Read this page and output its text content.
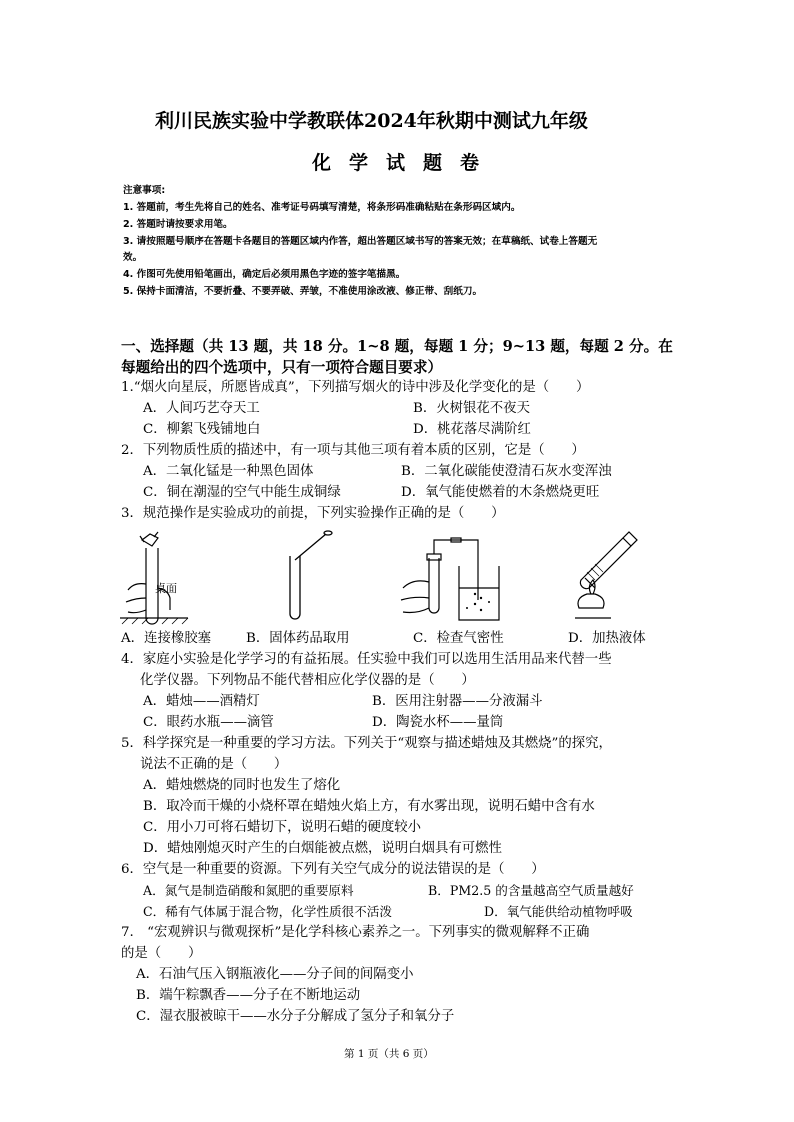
利川民族实验中学教联体2024年秋期中测试九年级
化学试题卷
注意事项:
1. 答题前，考生先将自己的姓名、准考证号码填写清楚，将条形码准确粘贴在条形码区域内。
2. 答题时请按要求用笔。
3. 请按照题号顺序在答题卡各题目的答题区域内作答，超出答题区域书写的答案无效；在草稿纸、试卷上答题无
效。
4. 作图可先使用铅笔画出，确定后必须用黑色字迹的签字笔描黑。
5. 保持卡面清洁，不要折叠、不要弄破、弄皱，不准使用涂改液、修正带、刮纸刀。
一、选择题（共 13 题，共 18 分。1~8 题，每题 1 分；9~13 题，每题 2 分。在
每题给出的四个选项中，只有一项符合题目要求）
1.“烟火向星辰，所愿皆成真”，下列描写烟火的诗中涉及化学变化的是（　　）
A．人间巧艺夺天工	B．火树银花不夜天
C．柳絮飞残铺地白	D．桃花落尽满阶红
2．下列物质性质的描述中，有一项与其他三项有着本质的区别，它是（　　）
A．二氧化锰是一种黑色固体	B．二氧化碳能使澄清石灰水变浑浊
C．铜在潮湿的空气中能生成铜绿	D．氧气能使燃着的木条燃烧更旺
3．规范操作是实验成功的前提，下列实验操作正确的是（　　）
桌面
A．连接橡胶塞	B．固体药品取用	C．检查气密性	D．加热液体
4．家庭小实验是化学学习的有益拓展。任实验中我们可以选用生活用品来代替一些
化学仪器。下列物品不能代替相应化学仪器的是（　　）
A．蜡烛——酒精灯	B．医用注射器——分液漏斗
C．眼药水瓶——滴管	D．陶瓷水杯——量筒
5．科学探究是一种重要的学习方法。下列关于“观察与描述蜡烛及其燃烧”的探究，
说法不正确的是（　　）
A．蜡烛燃烧的同时也发生了熔化
B．取冷而干燥的小烧杯罩在蜡烛火焰上方，有水雾出现，说明石蜡中含有水
C．用小刀可将石蜡切下，说明石蜡的硬度较小
D．蜡烛刚熄灭时产生的白烟能被点燃，说明白烟具有可燃性
6．空气是一种重要的资源。下列有关空气成分的说法错误的是（　　）
A．氮气是制造硝酸和氮肥的重要原料	B．PM2.5 的含量越高空气质量越好
C．稀有气体属于混合物，化学性质很不活泼	D．氧气能供给动植物呼吸
7.　“宏观辨识与微观探析”是化学科核心素养之一。下列事实的微观解释不正确
的是（　　）
A．石油气压入钢瓶液化——分子间的间隔变小
B．端午粽飘香——分子在不断地运动
C．湿衣服被晾干——水分子分解成了氢分子和氧分子
第 1 页（共 6 页）
